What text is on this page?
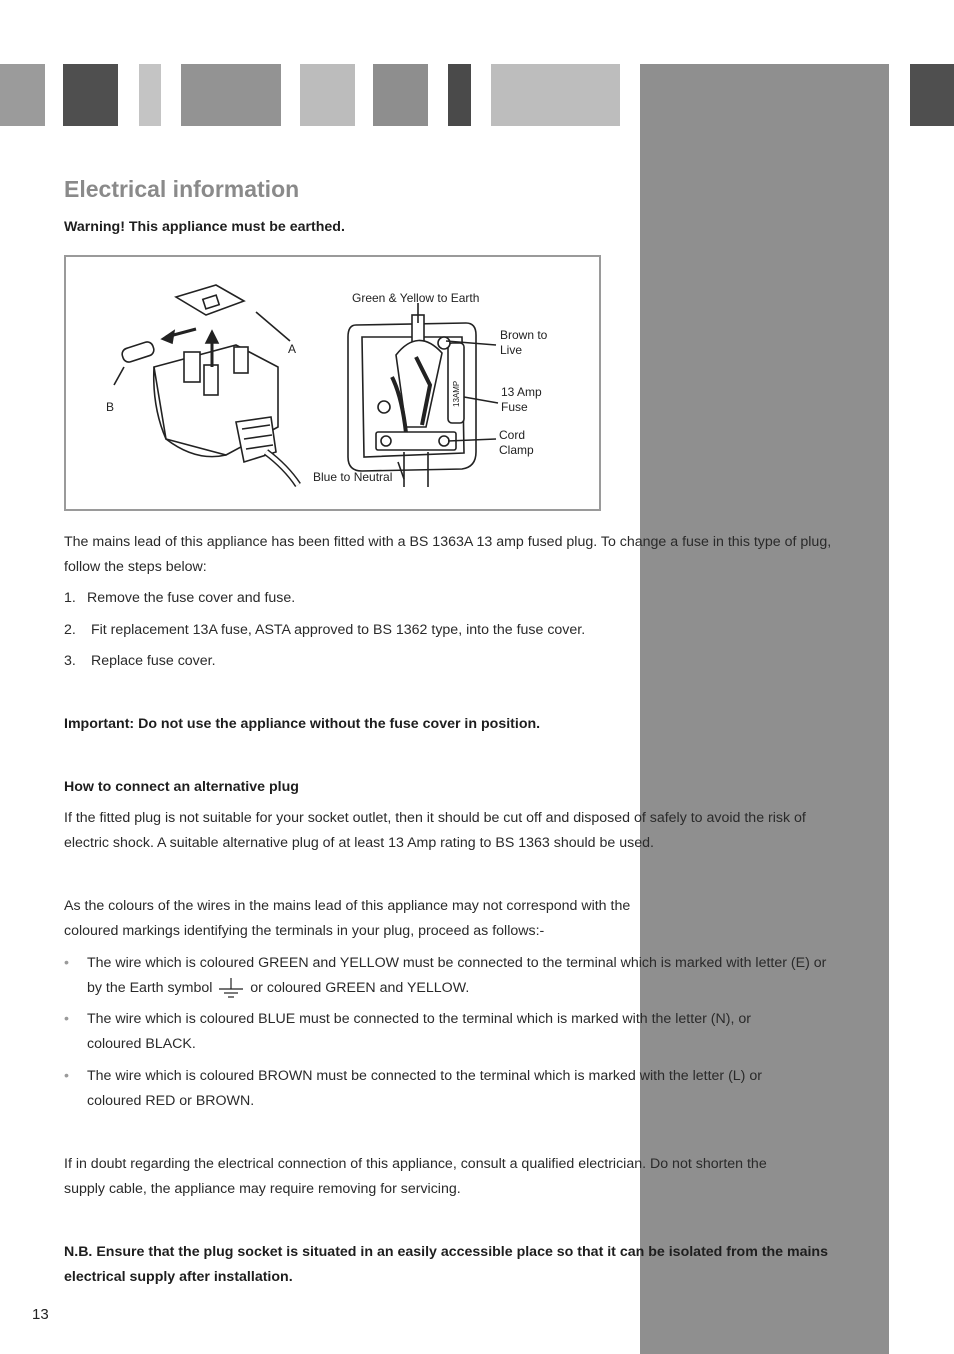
Electrical information

Warning! This appliance must be earthed.

A
B	13AMP
Green & Yellow to Earth
Brown to
Live
13 Amp
Fuse
Cord
Clamp
Blue to Neutral

The mains lead of this appliance has been fitted with a BS 1363A 13 amp fused plug. To change a fuse in this type of plug,

follow the steps below:

1. Remove the fuse cover and fuse.

2. Fit replacement 13A fuse, ASTA approved to BS 1362 type, into the fuse cover.

3. Replace fuse cover.

Important: Do not use the appliance without the fuse cover in position.

How to connect an alternative plug

If the fitted plug is not suitable for your socket outlet, then it should be cut off and disposed of safely to avoid the risk of

electric shock. A suitable alternative plug of at least 13 Amp rating to BS 1363 should be used.

As the colours of the wires in the mains lead of this appliance may not correspond with the

coloured markings identifying the terminals in your plug, proceed as follows:-

• The wire which is coloured GREEN and YELLOW must be connected to the terminal which is marked with letter (E) or
by the Earth symbol	or coloured GREEN and YELLOW.
• The wire which is coloured BLUE must be connected to the terminal which is marked with the letter (N), or
coloured BLACK.
• The wire which is coloured BROWN must be connected to the terminal which is marked with the letter (L) or
coloured RED or BROWN.

If in doubt regarding the electrical connection of this appliance, consult a qualified electrician. Do not shorten the

supply cable, the appliance may require removing for servicing.

N.B. Ensure that the plug socket is situated in an easily accessible place so that it can be isolated from the mains

electrical supply after installation.

13
